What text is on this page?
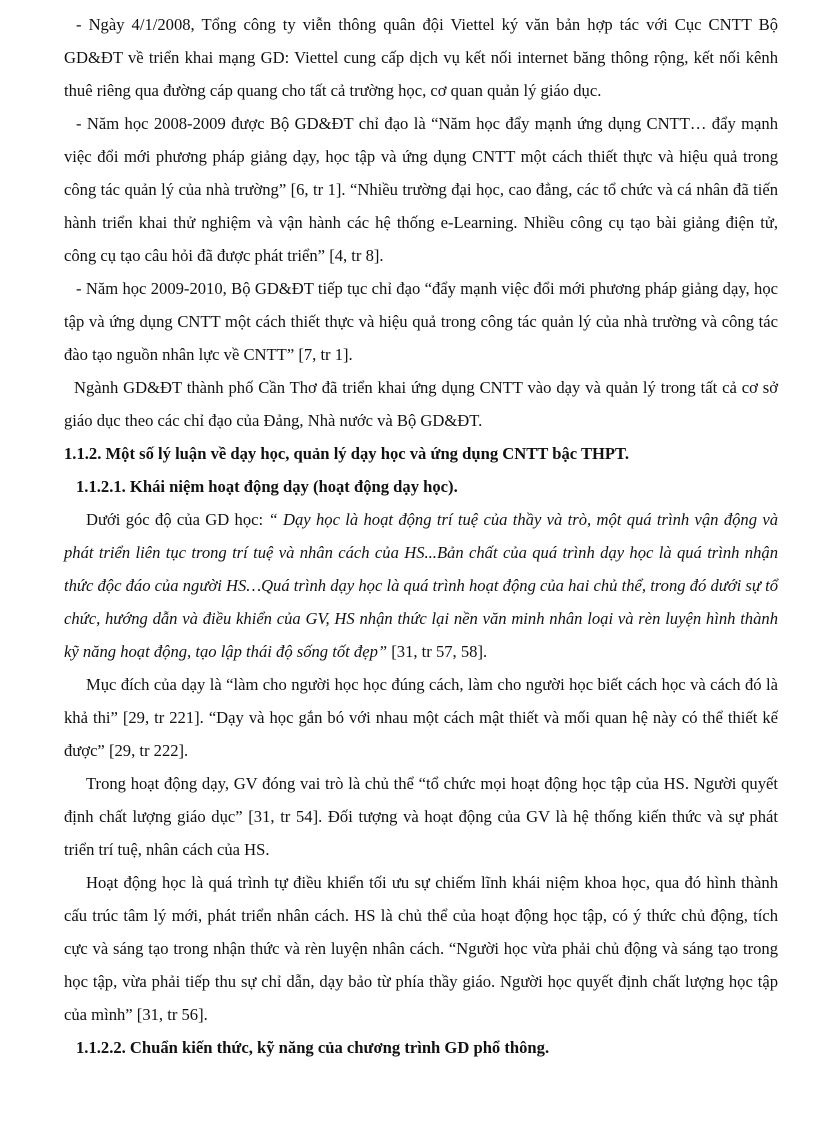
- Ngày 4/1/2008, Tổng công ty viễn thông quân đội Viettel ký văn bản hợp tác với Cục CNTT Bộ GD&ĐT về triển khai mạng GD: Viettel cung cấp dịch vụ kết nối internet băng thông rộng, kết nối kênh thuê riêng qua đường cáp quang cho tất cả trường học, cơ quan quản lý giáo dục.

- Năm học 2008-2009 được Bộ GD&ĐT chỉ đạo là “Năm học đẩy mạnh ứng dụng CNTT… đẩy mạnh việc đổi mới phương pháp giảng dạy, học tập và ứng dụng CNTT một cách thiết thực và hiệu quả trong công tác quản lý của nhà trường” [6, tr 1]. “Nhiều trường đại học, cao đẳng, các tổ chức và cá nhân đã tiến hành triển khai thử nghiệm và vận hành các hệ thống e-Learning. Nhiều công cụ tạo bài giảng điện tử, công cụ tạo câu hỏi đã được phát triển” [4, tr 8].

- Năm học 2009-2010, Bộ GD&ĐT tiếp tục chỉ đạo “đẩy mạnh việc đổi mới phương pháp giảng dạy, học tập và ứng dụng CNTT một cách thiết thực và hiệu quả trong công tác quản lý của nhà trường và công tác đào tạo nguồn nhân lực về CNTT” [7, tr 1].

Ngành GD&ĐT thành phố Cần Thơ đã triển khai ứng dụng CNTT vào dạy và quản lý trong tất cả cơ sở giáo dục theo các chỉ đạo của Đảng, Nhà nước và Bộ GD&ĐT.

1.1.2. Một số lý luận về dạy học, quản lý dạy học và ứng dụng CNTT bậc THPT.

1.1.2.1. Khái niệm hoạt động dạy (hoạt động dạy học).

Dưới góc độ của GD học: “ Dạy học là hoạt động trí tuệ của thầy và trò, một quá trình vận động và phát triển liên tục trong trí tuệ và nhân cách của HS...Bản chất của quá trình dạy học là quá trình nhận thức độc đáo của người HS…Quá trình dạy học là quá trình hoạt động của hai chủ thể, trong đó dưới sự tổ chức, hướng dẫn và điều khiển của GV, HS nhận thức lại nền văn minh nhân loại và rèn luyện hình thành kỹ năng hoạt động, tạo lập thái độ sống tốt đẹp” [31, tr 57, 58].

Mục đích của dạy là “làm cho người học học đúng cách, làm cho người học biết cách học và cách đó là khả thi” [29, tr 221]. “Dạy và học gắn bó với nhau một cách mật thiết và mối quan hệ này có thể thiết kế được” [29, tr 222].

Trong hoạt động dạy, GV đóng vai trò là chủ thể “tổ chức mọi hoạt động học tập của HS. Người quyết định chất lượng giáo dục” [31, tr 54]. Đối tượng và hoạt động của GV là hệ thống kiến thức và sự phát triển trí tuệ, nhân cách của HS.

Hoạt động học là quá trình tự điều khiển tối ưu sự chiếm lĩnh khái niệm khoa học, qua đó hình thành cấu trúc tâm lý mới, phát triển nhân cách. HS là chủ thể của hoạt động học tập, có ý thức chủ động, tích cực và sáng tạo trong nhận thức và rèn luyện nhân cách. “Người học vừa phải chủ động và sáng tạo trong học tập, vừa phải tiếp thu sự chỉ dẫn, dạy bảo từ phía thầy giáo. Người học quyết định chất lượng học tập của mình” [31, tr 56].

1.1.2.2. Chuẩn kiến thức, kỹ năng của chương trình GD phổ thông.
